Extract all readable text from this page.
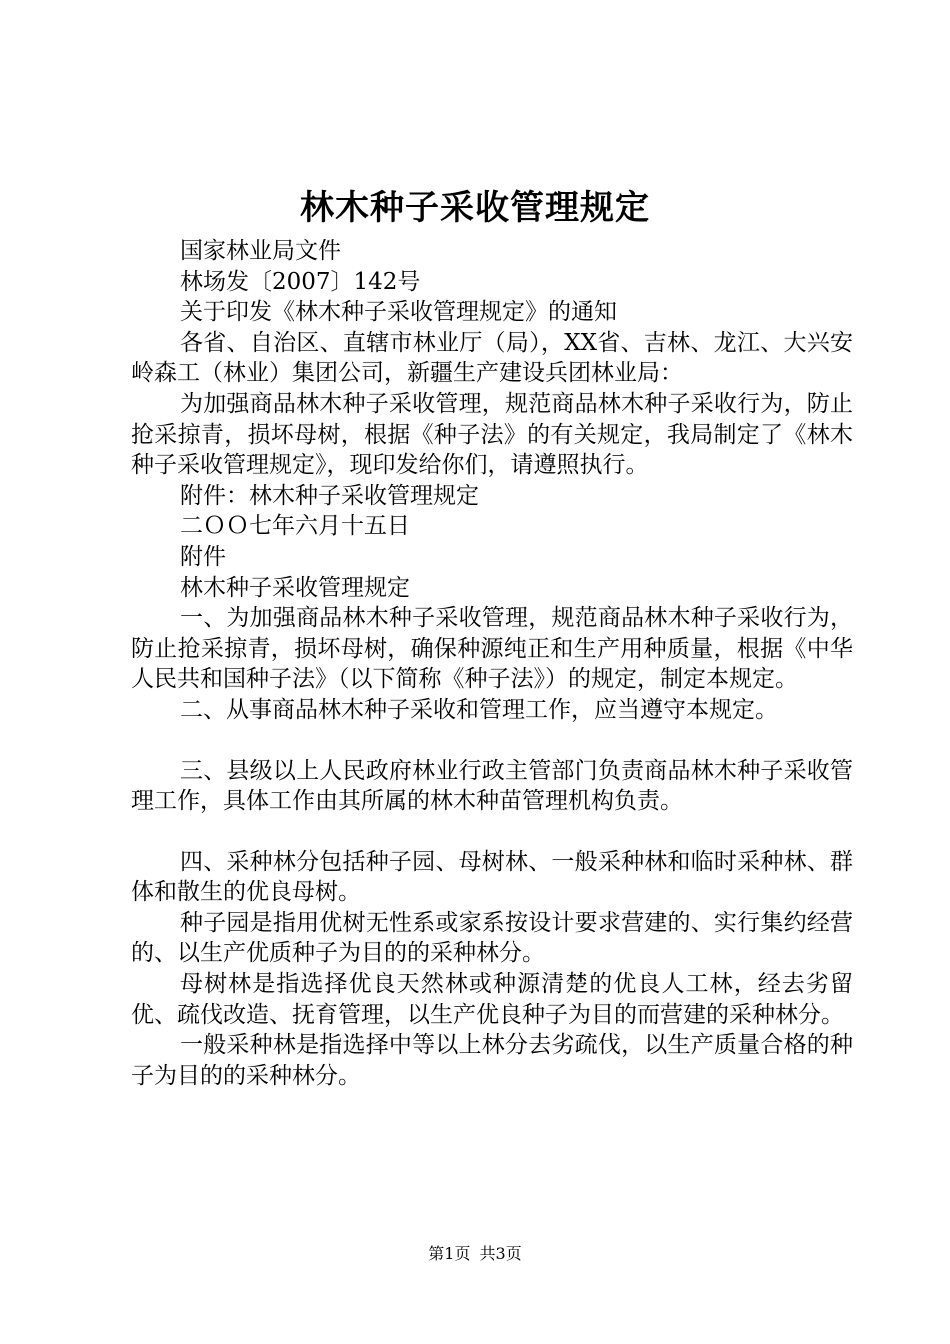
林木种子采收管理规定

国家林业局文件

林场发〔2007〕142号

关于印发《林木种子采收管理规定》的通知

各省、自治区、直辖市林业厅（局），XX省、吉林、龙江、大兴安岭森工（林业）集团公司，新疆生产建设兵团林业局：

为加强商品林木种子采收管理，规范商品林木种子采收行为，防止抢采掠青，损坏母树，根据《种子法》的有关规定，我局制定了《林木种子采收管理规定》，现印发给你们，请遵照执行。

附件：林木种子采收管理规定

二ＯＯ七年六月十五日

附件

林木种子采收管理规定

一、为加强商品林木种子采收管理，规范商品林木种子采收行为，防止抢采掠青，损坏母树，确保种源纯正和生产用种质量，根据《中华人民共和国种子法》（以下简称《种子法》）的规定，制定本规定。

二、从事商品林木种子采收和管理工作，应当遵守本规定。

三、县级以上人民政府林业行政主管部门负责商品林木种子采收管理工作，具体工作由其所属的林木种苗管理机构负责。

四、采种林分包括种子园、母树林、一般采种林和临时采种林、群体和散生的优良母树。

种子园是指用优树无性系或家系按设计要求营建的、实行集约经营的、以生产优质种子为目的的采种林分。

母树林是指选择优良天然林或种源清楚的优良人工林，经去劣留优、疏伐改造、抚育管理，以生产优良种子为目的而营建的采种林分。

一般采种林是指选择中等以上林分去劣疏伐，以生产质量合格的种子为目的的采种林分。

第1页 共3页
